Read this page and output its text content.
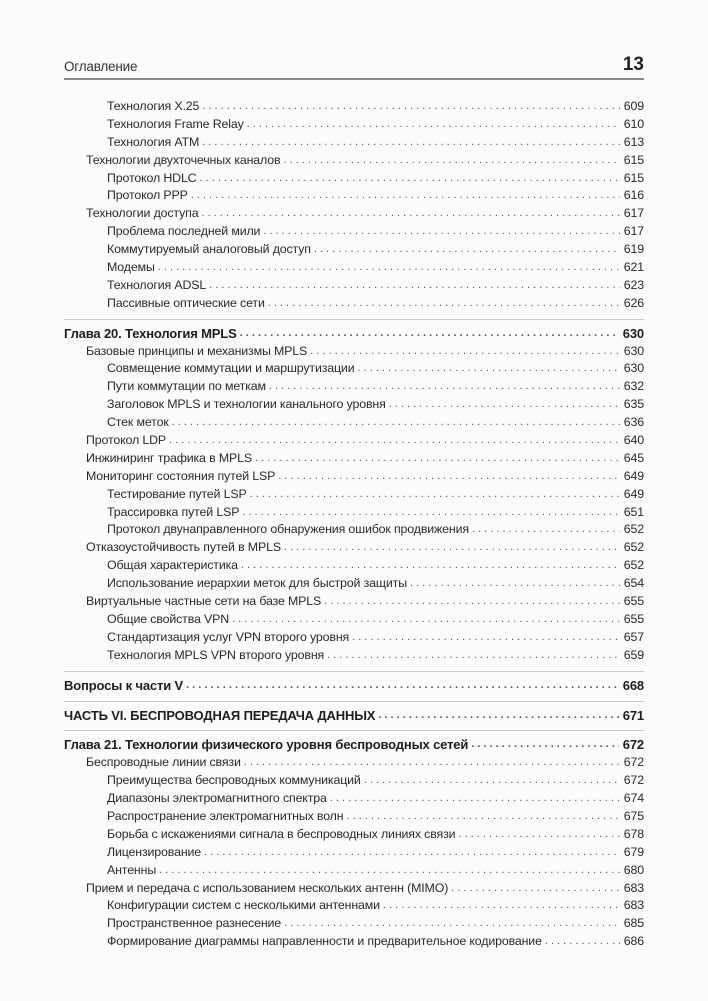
Оглавление	13
Технология X.25 . . .	609
Технология Frame Relay . . .	610
Технология ATM . . .	613
Технологии двухточечных каналов . . .	615
Протокол HDLC . . .	615
Протокол PPP . . .	616
Технологии доступа . . .	617
Проблема последней мили . . .	617
Коммутируемый аналоговый доступ . . .	619
Модемы . . .	621
Технология ADSL . . .	623
Пассивные оптические сети . . .	626
Глава 20. Технология MPLS . . .	630
Базовые принципы и механизмы MPLS . . .	630
Совмещение коммутации и маршрутизации . . .	630
Пути коммутации по меткам . . .	632
Заголовок MPLS и технологии канального уровня . . .	635
Стек меток . . .	636
Протокол LDP . . .	640
Инжиниринг трафика в MPLS . . .	645
Мониторинг состояния путей LSP . . .	649
Тестирование путей LSP . . .	649
Трассировка путей LSP . . .	651
Протокол двунаправленного обнаружения ошибок продвижения . . .	652
Отказоустойчивость путей в MPLS . . .	652
Общая характеристика . . .	652
Использование иерархии меток для быстрой защиты . . .	654
Виртуальные частные сети на базе MPLS . . .	655
Общие свойства VPN . . .	655
Стандартизация услуг VPN второго уровня . . .	657
Технология MPLS VPN второго уровня . . .	659
Вопросы к части V . . .	668
ЧАСТЬ VI. БЕСПРОВОДНАЯ ПЕРЕДАЧА ДАННЫХ . . .	671
Глава 21. Технологии физического уровня беспроводных сетей . . .	672
Беспроводные линии связи . . .	672
Преимущества беспроводных коммуникаций . . .	672
Диапазоны электромагнитного спектра . . .	674
Распространение электромагнитных волн . . .	675
Борьба с искажениями сигнала в беспроводных линиях связи . . .	678
Лицензирование . . .	679
Антенны . . .	680
Прием и передача с использованием нескольких антенн (MIMO) . . .	683
Конфигурации систем с несколькими антеннами . . .	683
Пространственное разнесение . . .	685
Формирование диаграммы направленности и предварительное кодирование . . .	686
